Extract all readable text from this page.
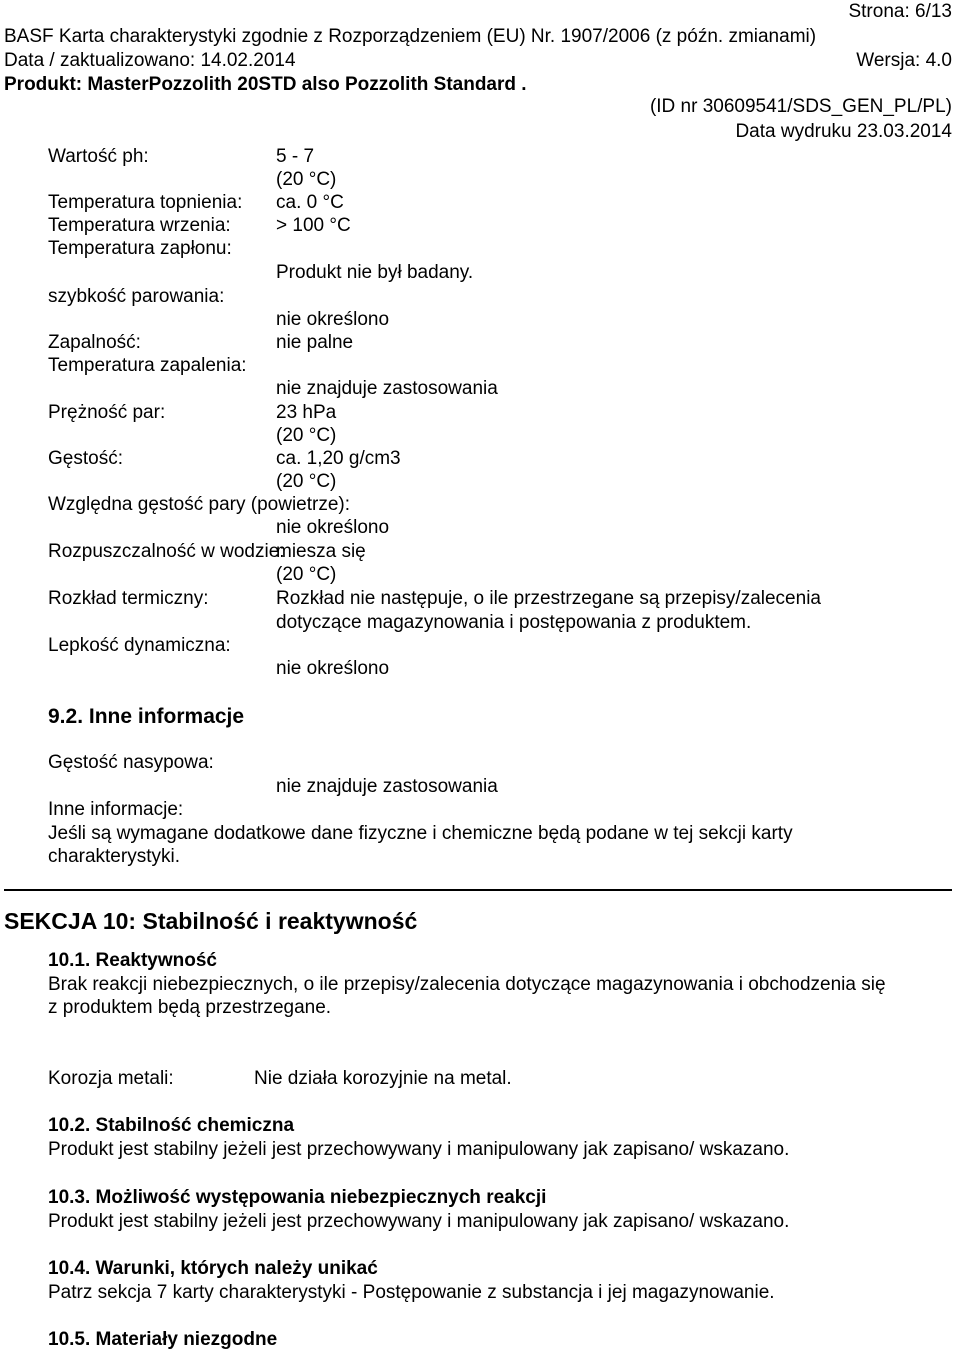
Strona: 6/13
BASF Karta charakterystyki zgodnie z Rozporządzeniem (EU) Nr. 1907/2006 (z późn. zmianami)
Data / zaktualizowano: 14.02.2014	Wersja: 4.0
Produkt: MasterPozzolith 20STD also Pozzolith Standard .
(ID nr 30609541/SDS_GEN_PL/PL)
Data wydruku 23.03.2014
Wartość ph:	5 - 7
(20 °C)
Temperatura topnienia: ca. 0 °C
Temperatura wrzenia: > 100 °C
Temperatura zapłonu:
Produkt nie był badany.
szybkość parowania:
nie określono
Zapalność:	nie palne
Temperatura zapalenia:
nie znajduje zastosowania
Prężność par:	23 hPa
(20 °C)
Gęstość:	ca. 1,20 g/cm3
(20 °C)
Względna gęstość pary (powietrze):
nie określono
Rozpuszczalność w wodzie:
miesza się
(20 °C)
Rozkład termiczny:	Rozkład nie następuje, o ile przestrzegane są przepisy/zalecenia
dotyczące magazynowania i postępowania z produktem.
Lepkość dynamiczna:
nie określono
9.2. Inne informacje
Gęstość nasypowa:
nie znajduje zastosowania
Inne informacje:
Jeśli są wymagane dodatkowe dane fizyczne i chemiczne będą podane w tej sekcji karty
charakterystyki.
SEKCJA 10: Stabilność i reaktywność
10.1. Reaktywność
Brak reakcji niebezpiecznych, o ile przepisy/zalecenia dotyczące magazynowania i obchodzenia się
z produktem będą przestrzegane.
Korozja metali:	Nie działa korozyjnie na metal.
10.2. Stabilność chemiczna
Produkt jest stabilny jeżeli jest przechowywany i manipulowany jak zapisano/ wskazano.
10.3. Możliwość występowania niebezpiecznych reakcji
Produkt jest stabilny jeżeli jest przechowywany i manipulowany jak zapisano/ wskazano.
10.4. Warunki, których należy unikać
Patrz sekcja 7 karty charakterystyki - Postępowanie z substancja i jej magazynowanie.
10.5. Materiały niezgodne
